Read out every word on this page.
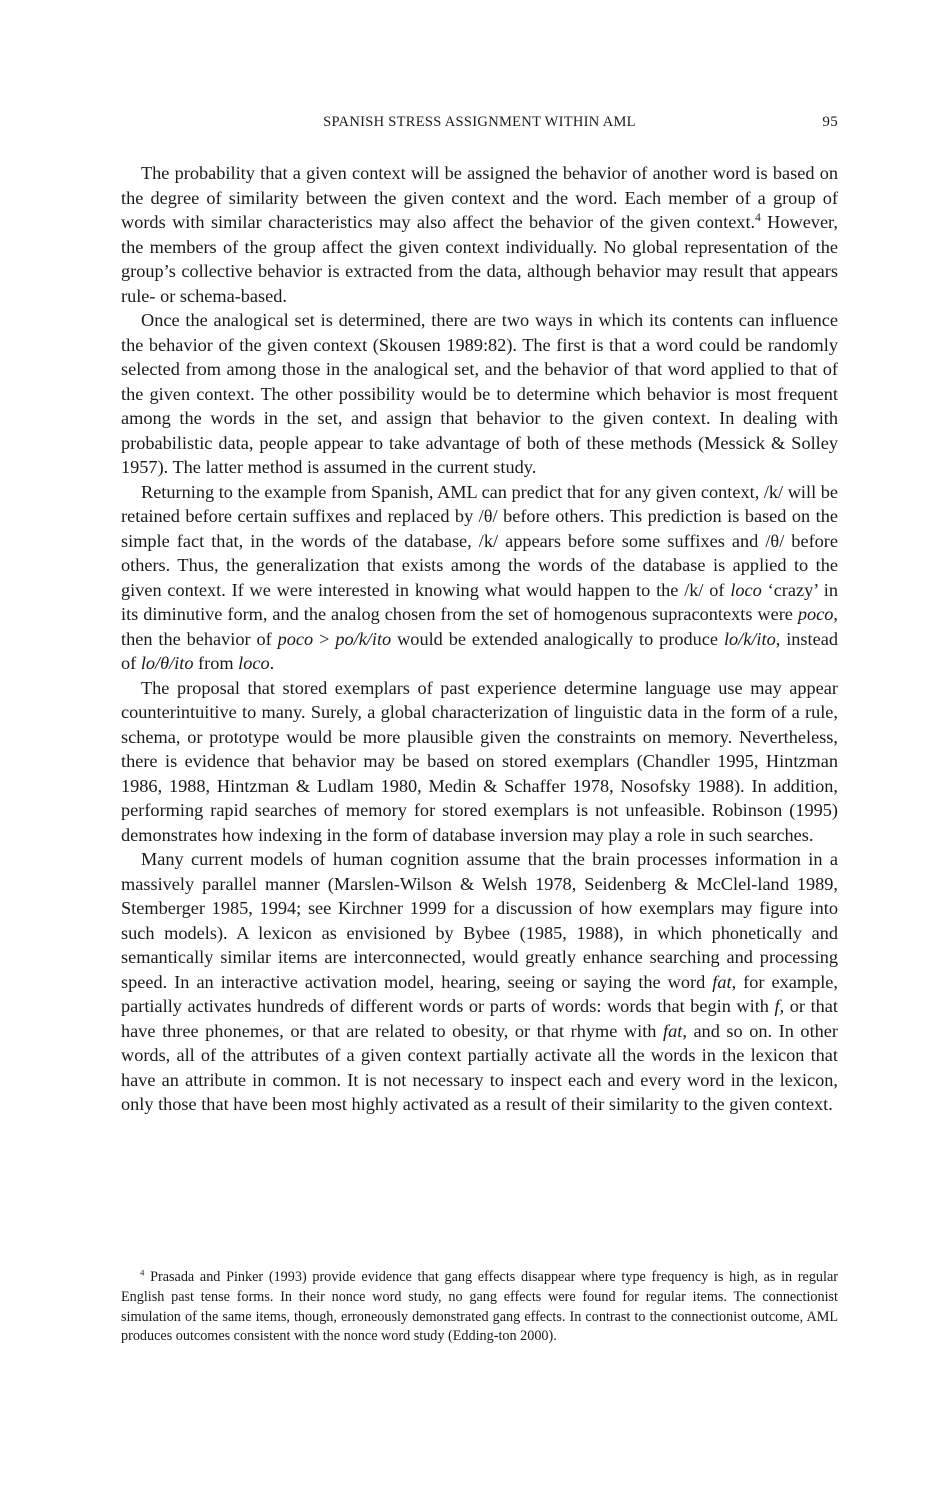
SPANISH STRESS ASSIGNMENT WITHIN AML	95

The probability that a given context will be assigned the behavior of another word is based on the degree of similarity between the given context and the word. Each member of a group of words with similar characteristics may also affect the behavior of the given context.$^4$ However, the members of the group affect the given context individually. No global representation of the group’s collective behavior is extracted from the data, although behavior may result that appears rule- or schema-based.

Once the analogical set is determined, there are two ways in which its contents can influence the behavior of the given context (Skousen 1989:82). The first is that a word could be randomly selected from among those in the analogical set, and the behavior of that word applied to that of the given context. The other possibility would be to determine which behavior is most frequent among the words in the set, and assign that behavior to the given context. In dealing with probabilistic data, people appear to take advantage of both of these methods (Messick & Solley 1957). The latter method is assumed in the current study.

Returning to the example from Spanish, AML can predict that for any given context, /k/ will be retained before certain suffixes and replaced by /θ/ before others. This prediction is based on the simple fact that, in the words of the database, /k/ appears before some suffixes and /θ/ before others. Thus, the generalization that exists among the words of the database is applied to the given context. If we were interested in knowing what would happen to the /k/ of loco ‘crazy’ in its diminutive form, and the analog chosen from the set of homogenous supracontexts were poco, then the behavior of poco > po/k/ito would be extended analogically to produce lo/k/ito, instead of lo/θ/ito from loco.

The proposal that stored exemplars of past experience determine language use may appear counterintuitive to many. Surely, a global characterization of linguistic data in the form of a rule, schema, or prototype would be more plausible given the constraints on memory. Nevertheless, there is evidence that behavior may be based on stored exemplars (Chandler 1995, Hintzman 1986, 1988, Hintzman & Ludlam 1980, Medin & Schaffer 1978, Nosofsky 1988). In addition, performing rapid searches of memory for stored exemplars is not unfeasible. Robinson (1995) demonstrates how indexing in the form of database inversion may play a role in such searches.

Many current models of human cognition assume that the brain processes information in a massively parallel manner (Marslen-Wilson & Welsh 1978, Seidenberg & McClel-land 1989, Stemberger 1985, 1994; see Kirchner 1999 for a discussion of how exemplars may figure into such models). A lexicon as envisioned by Bybee (1985, 1988), in which phonetically and semantically similar items are interconnected, would greatly enhance searching and processing speed. In an interactive activation model, hearing, seeing or saying the word fat, for example, partially activates hundreds of different words or parts of words: words that begin with f, or that have three phonemes, or that are related to obesity, or that rhyme with fat, and so on. In other words, all of the attributes of a given context partially activate all the words in the lexicon that have an attribute in common. It is not necessary to inspect each and every word in the lexicon, only those that have been most highly activated as a result of their similarity to the given context.

$^4$ Prasada and Pinker (1993) provide evidence that gang effects disappear where type frequency is high, as in regular English past tense forms. In their nonce word study, no gang effects were found for regular items. The connectionist simulation of the same items, though, erroneously demonstrated gang effects. In contrast to the connectionist outcome, AML produces outcomes consistent with the nonce word study (Edding-ton 2000).
